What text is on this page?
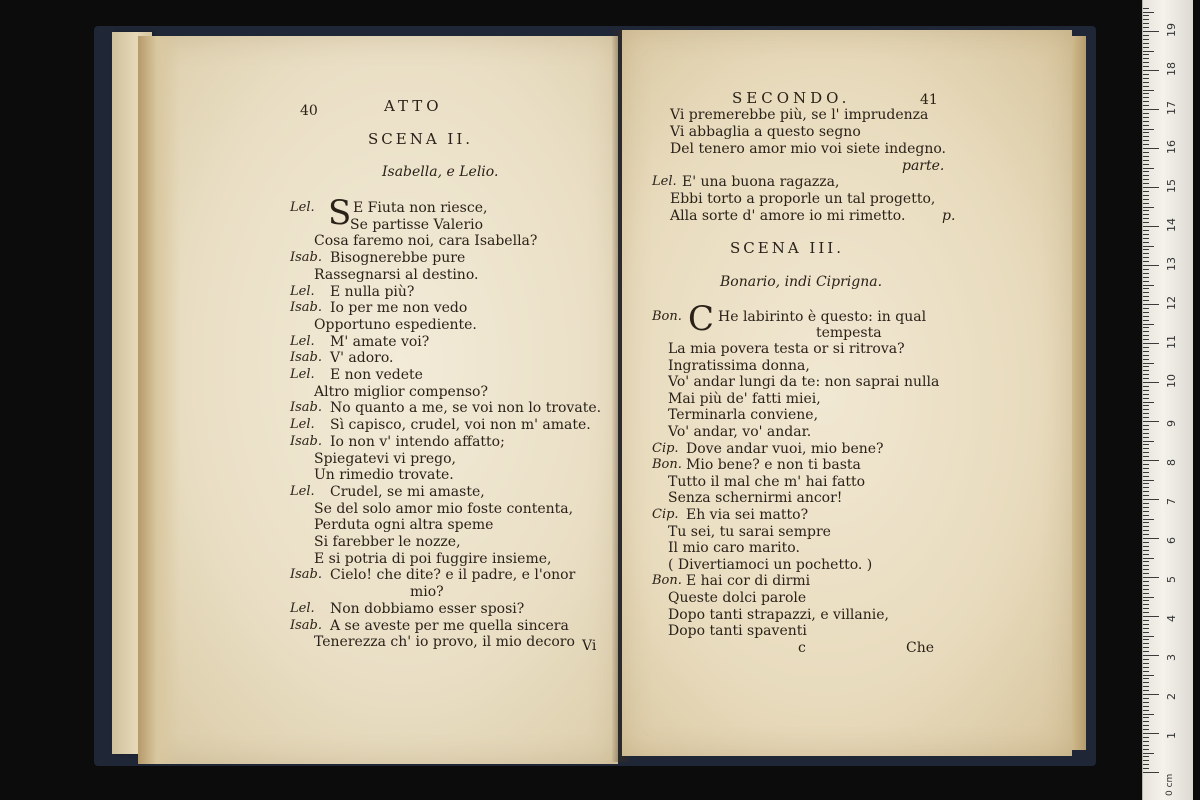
40	ATTO
SCENA II.
Isabella, e Lelio.
S
Vi
Lel.	E Fiuta non riesce,
Se partisse Valerio
Cosa faremo noi, cara Isabella?
Isab. Bisognerebbe pure
Rassegnarsi al destino.
Lel. E nulla più?
Isab. Io per me non vedo
Opportuno espediente.
Lel. M' amate voi?
Isab. V' adoro.
Lel. E non vedete
Altro miglior compenso?
Isab. No quanto a me, se voi non lo trovate.
Lel. Sì capisco, crudel, voi non m' amate.
Isab. Io non v' intendo affatto;
Spiegatevi vi prego,
Un rimedio trovate.
Lel. Crudel, se mi amaste,
Se del solo amor mio foste contenta,
Perduta ogni altra speme
Si farebber le nozze,
E si potria di poi fuggire insieme,
Isab. Cielo! che dite? e il padre, e l'onor
mio?
Lel. Non dobbiamo esser sposi?
Isab. A se aveste per me quella sincera
Tenerezza ch' io provo, il mio decoro
SECONDO.	41
parte.
p.
SCENA III.
Bonario, indi Ciprigna.
Bon. C He labirinto è questo: in qual
tempesta
c	Che
Vi premerebbe più, se l' imprudenza
Vi abbaglia a questo segno
Del tenero amor mio voi siete indegno.
Lel. E' una buona ragazza,
Ebbi torto a proporle un tal progetto,
Alla sorte d' amore io mi rimetto.
La mia povera testa or si ritrova?
Ingratissima donna,
Vo' andar lungi da te: non saprai nulla
Mai più de' fatti miei,
Terminarla conviene,
Vo' andar, vo' andar.
Cip. Dove andar vuoi, mio bene?
Bon. Mio bene? e non ti basta
Tutto il mal che m' hai fatto
Senza schernirmi ancor!
Cip. Eh via sei matto?
Tu sei, tu sarai sempre
Il mio caro marito.
( Divertiamoci un pochetto. )
Bon. E hai cor di dirmi
Queste dolci parole
Dopo tanti strapazzi, e villanie,
Dopo tanti spaventi
0 cm
1
2
3
4
5
6
7
8
9
10
11
12
13
14
15
16
17
18
19
